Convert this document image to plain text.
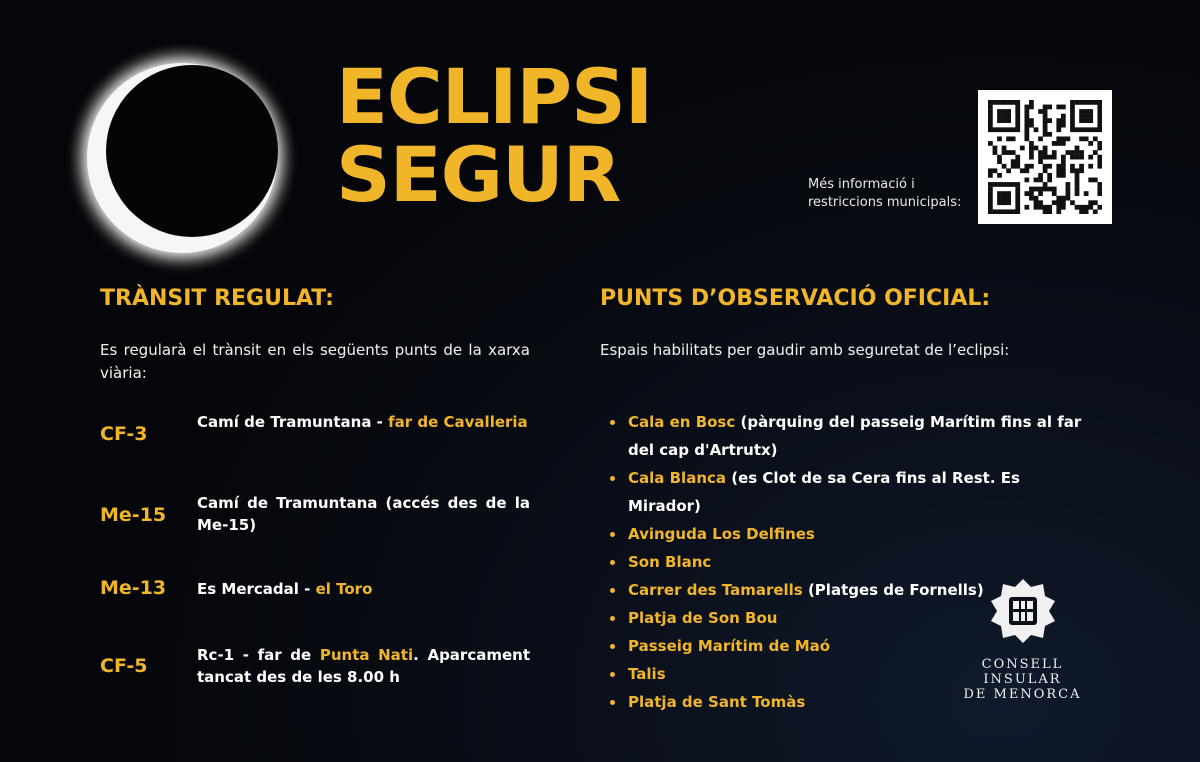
ECLIPSI
SEGUR	Més informació i
restriccions municipals:
TRÀNSIT REGULAT:
Es regularà el trànsit en els següents punts de la xarxa viària:
CF-3
Camí de Tramuntana - far de Cavalleria
Me-15
Camí de Tramuntana (accés des de la Me-15)
Me-13 Es Mercadal - el Toro
CF-5	Rc-1 - far de Punta Nati. Aparcament tancat des de les 8.00 h
PUNTS D’OBSERVACIÓ OFICIAL:
Espais habilitats per gaudir amb seguretat de l’eclipsi:
Cala en Bosc (pàrquing del passeig Marítim fins al far del cap d'Artrutx)
Cala Blanca (es Clot de sa Cera fins al Rest. Es Mirador)
Avinguda Los Delfines
Son Blanc
Carrer des Tamarells (Platges de Fornells)
Platja de Son Bou
Passeig Marítim de Maó
Talis
Platja de Sant Tomàs
CONSELL INSULAR
DE MENORCA
